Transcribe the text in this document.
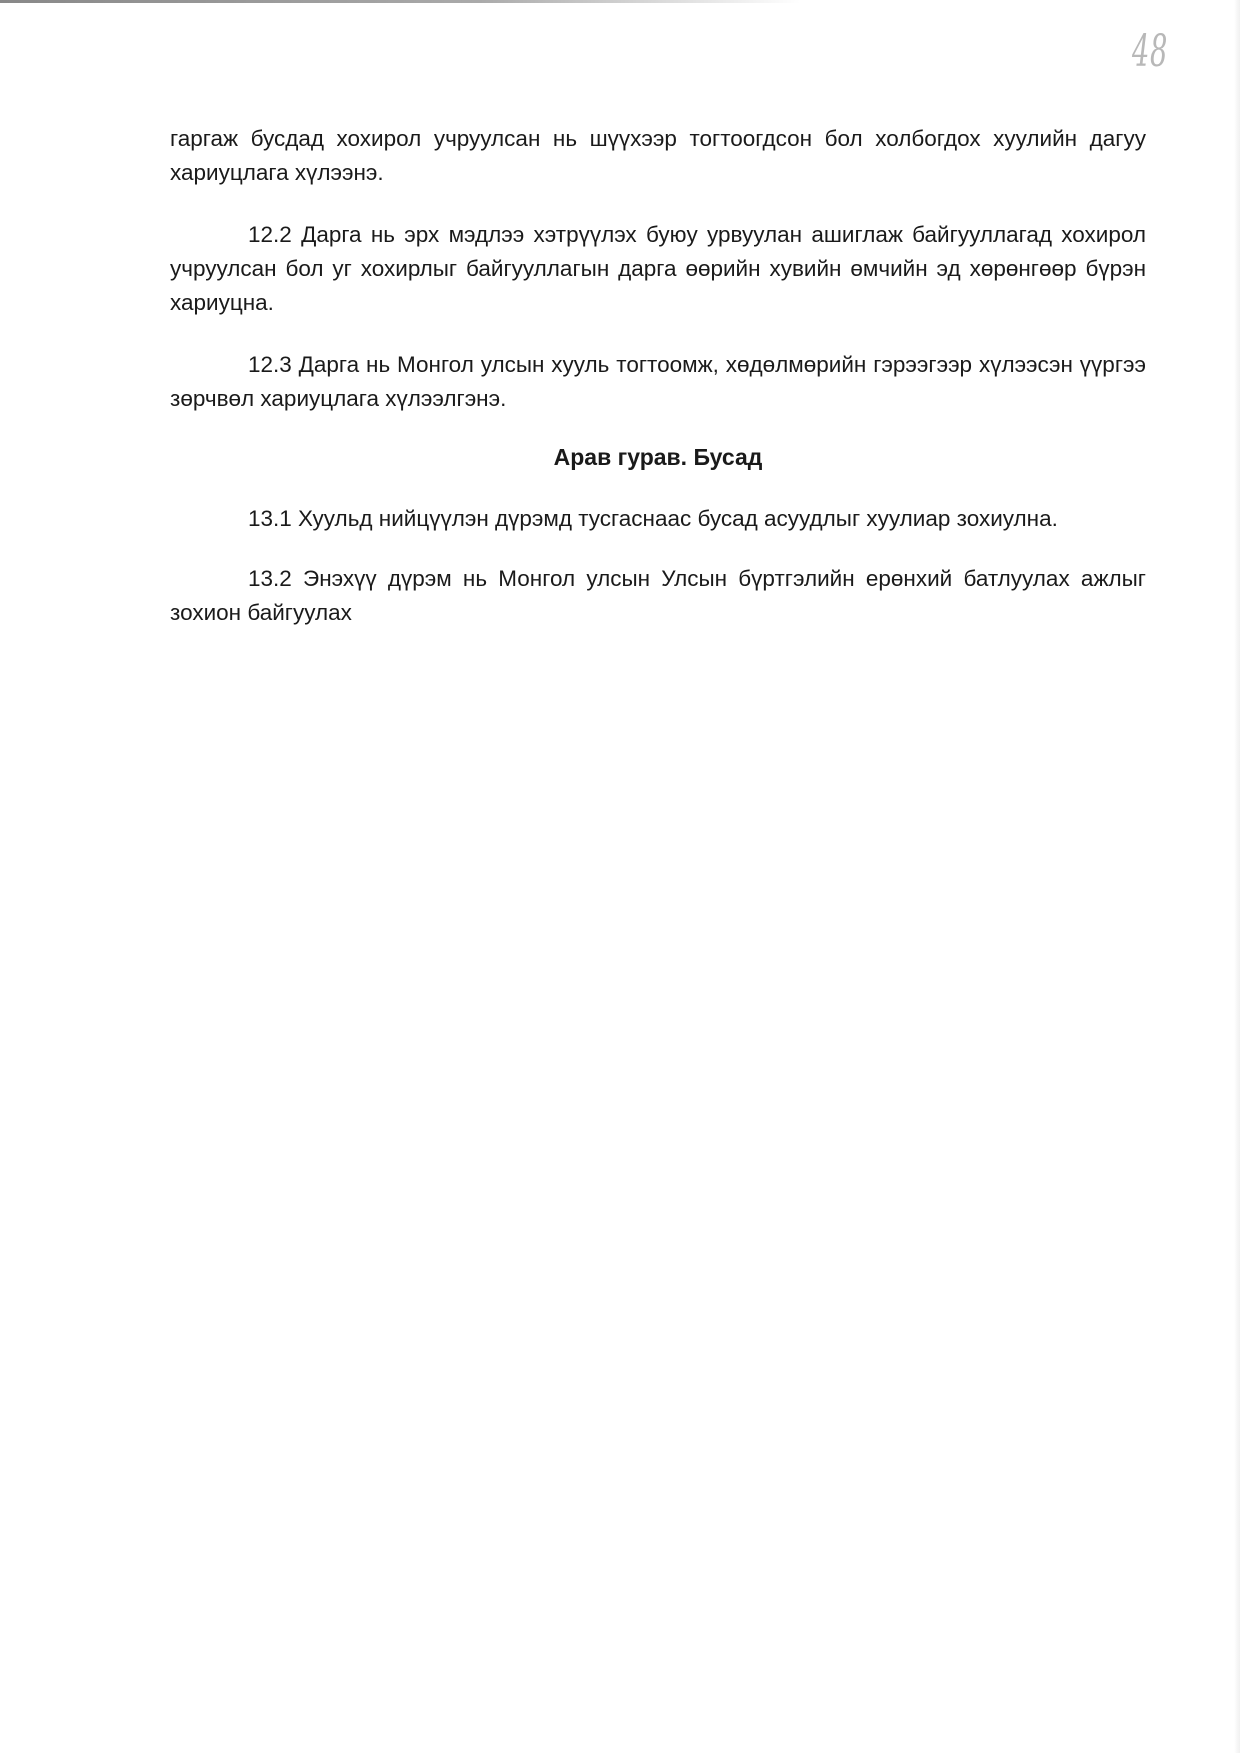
48

гаргаж бусдад хохирол учруулсан нь шүүхээр тогтоогдсон бол холбогдох хуулийн дагуу хариуцлага хүлээнэ.

12.2 Дарга нь эрх мэдлээ хэтрүүлэх буюу урвуулан ашиглаж байгууллагад хохирол учруулсан бол уг хохирлыг байгууллагын дарга өөрийн хувийн өмчийн эд хөрөнгөөр бүрэн хариуцна.

12.3 Дарга нь Монгол улсын хууль тогтоомж, хөдөлмөрийн гэрээгээр хүлээсэн үүргээ зөрчвөл хариуцлага хүлээлгэнэ.

Арав гурав. Бусад

13.1 Хуульд нийцүүлэн дүрэмд тусгаснаас бусад асуудлыг хуулиар зохиулна.

13.2 Энэхүү дүрэм нь Монгол улсын Улсын бүртгэлийн ерөнхий батлуулах ажлыг зохион байгуулах
